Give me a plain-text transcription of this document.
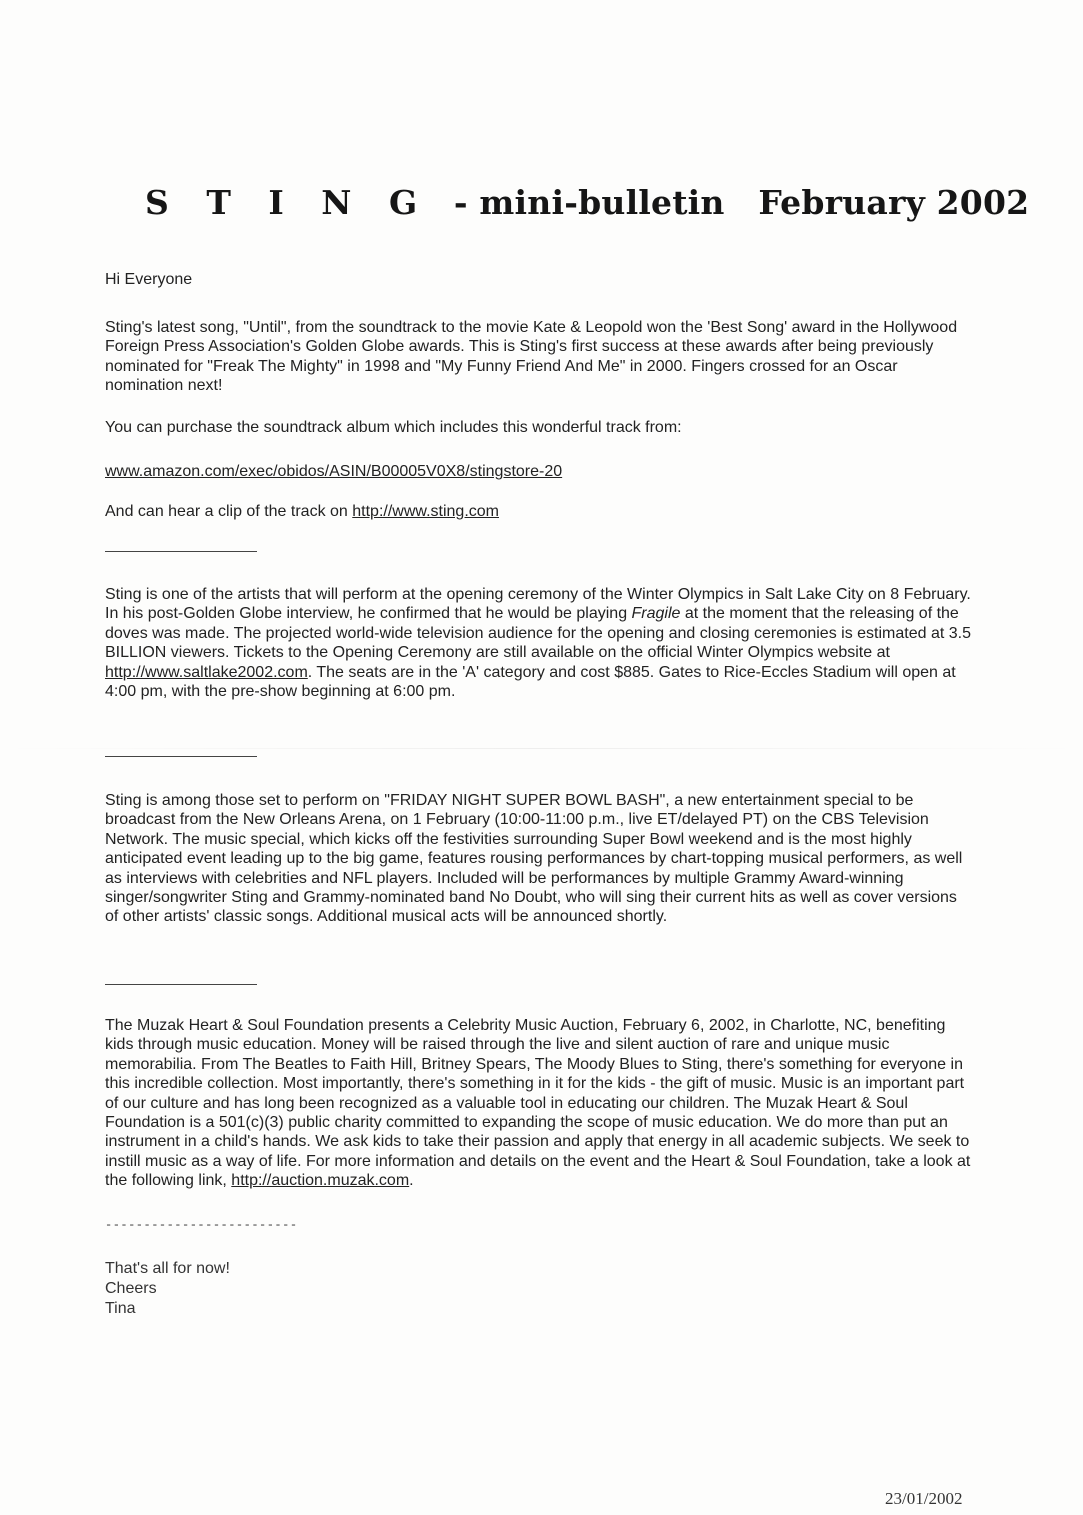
S T I N G - mini-bulletin February 2002
Hi Everyone
Sting's latest song, "Until", from the soundtrack to the movie Kate & Leopold won the 'Best Song' award in the Hollywood Foreign Press Association's Golden Globe awards. This is Sting's first success at these awards after being previously nominated for "Freak The Mighty" in 1998 and "My Funny Friend And Me" in 2000. Fingers crossed for an Oscar nomination next!
You can purchase the soundtrack album which includes this wonderful track from:
www.amazon.com/exec/obidos/ASIN/B00005V0X8/stingstore-20
And can hear a clip of the track on http://www.sting.com
Sting is one of the artists that will perform at the opening ceremony of the Winter Olympics in Salt Lake City on 8 February. In his post-Golden Globe interview, he confirmed that he would be playing Fragile at the moment that the releasing of the doves was made. The projected world-wide television audience for the opening and closing ceremonies is estimated at 3.5 BILLION viewers. Tickets to the Opening Ceremony are still available on the official Winter Olympics website at http://www.saltlake2002.com. The seats are in the 'A' category and cost $885. Gates to Rice-Eccles Stadium will open at 4:00 pm, with the pre-show beginning at 6:00 pm.
Sting is among those set to perform on "FRIDAY NIGHT SUPER BOWL BASH", a new entertainment special to be broadcast from the New Orleans Arena, on 1 February (10:00-11:00 p.m., live ET/delayed PT) on the CBS Television Network. The music special, which kicks off the festivities surrounding Super Bowl weekend and is the most highly anticipated event leading up to the big game, features rousing performances by chart-topping musical performers, as well as interviews with celebrities and NFL players. Included will be performances by multiple Grammy Award-winning singer/songwriter Sting and Grammy-nominated band No Doubt, who will sing their current hits as well as cover versions of other artists' classic songs. Additional musical acts will be announced shortly.
The Muzak Heart & Soul Foundation presents a Celebrity Music Auction, February 6, 2002, in Charlotte, NC, benefiting kids through music education. Money will be raised through the live and silent auction of rare and unique music memorabilia. From The Beatles to Faith Hill, Britney Spears, The Moody Blues to Sting, there's something for everyone in this incredible collection. Most importantly, there's something in it for the kids - the gift of music. Music is an important part of our culture and has long been recognized as a valuable tool in educating our children. The Muzak Heart & Soul Foundation is a 501(c)(3) public charity committed to expanding the scope of music education. We do more than put an instrument in a child's hands. We ask kids to take their passion and apply that energy in all academic subjects. We seek to instill music as a way of life. For more information and details on the event and the Heart & Soul Foundation, take a look at the following link, http://auction.muzak.com.
-------------------------
That's all for now!
Cheers
Tina
23/01/2002
